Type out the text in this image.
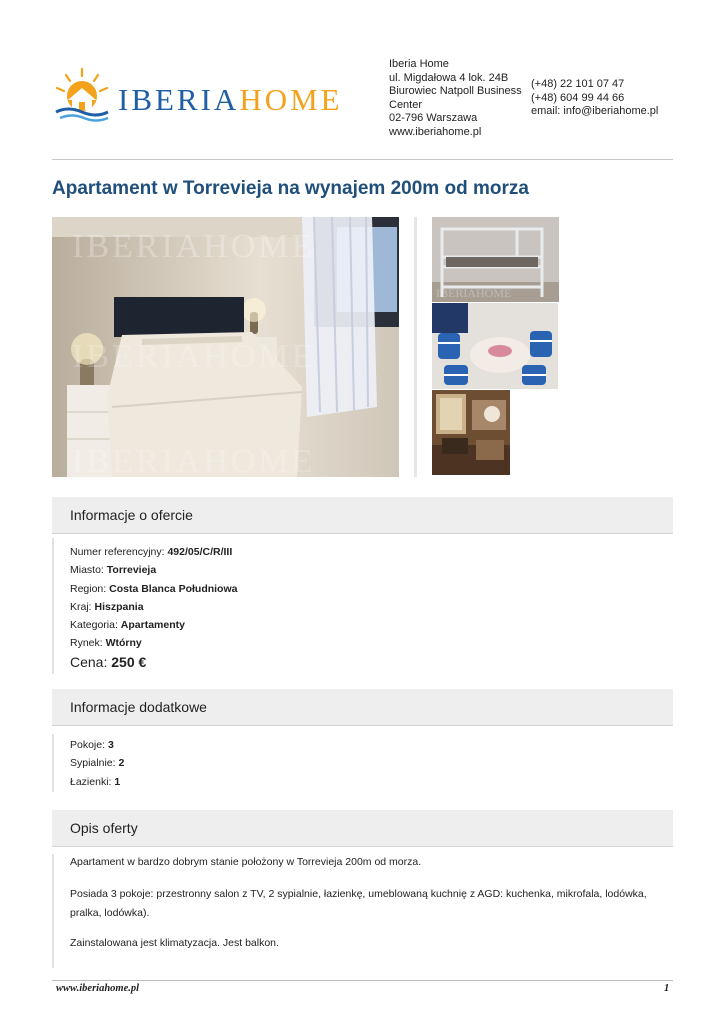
IBERIAHOME
Iberia Home
ul. Migdałowa 4 lok. 24B
Biurowiec Natpoll Business Center
02-796 Warszawa
www.iberiahome.pl
(+48) 22 101 07 47
(+48) 604 99 44 66
email: info@iberiahome.pl
Apartament w Torrevieja na wynajem 200m od morza
IBERIAHOME
IBERIAHOME
IBERIAHOME
IBERIAHOME
Informacje o ofercie
Numer referencyjny: 492/05/C/R/III
Miasto: Torrevieja
Region: Costa Blanca Południowa
Kraj: Hiszpania
Kategoria: Apartamenty
Rynek: Wtórny
Cena: 250 €
Informacje dodatkowe
Pokoje: 3
Sypialnie: 2
Łazienki: 1
Opis oferty
Apartament w bardzo dobrym stanie położony w Torrevieja 200m od morza.
Posiada 3 pokoje: przestronny salon z TV, 2 sypialnie, łazienkę, umeblowaną kuchnię z AGD: kuchenka, mikrofala, lodówka, pralka, lodówka).
Zainstalowana jest klimatyzacja. Jest balkon.
www.iberiahome.pl	1
